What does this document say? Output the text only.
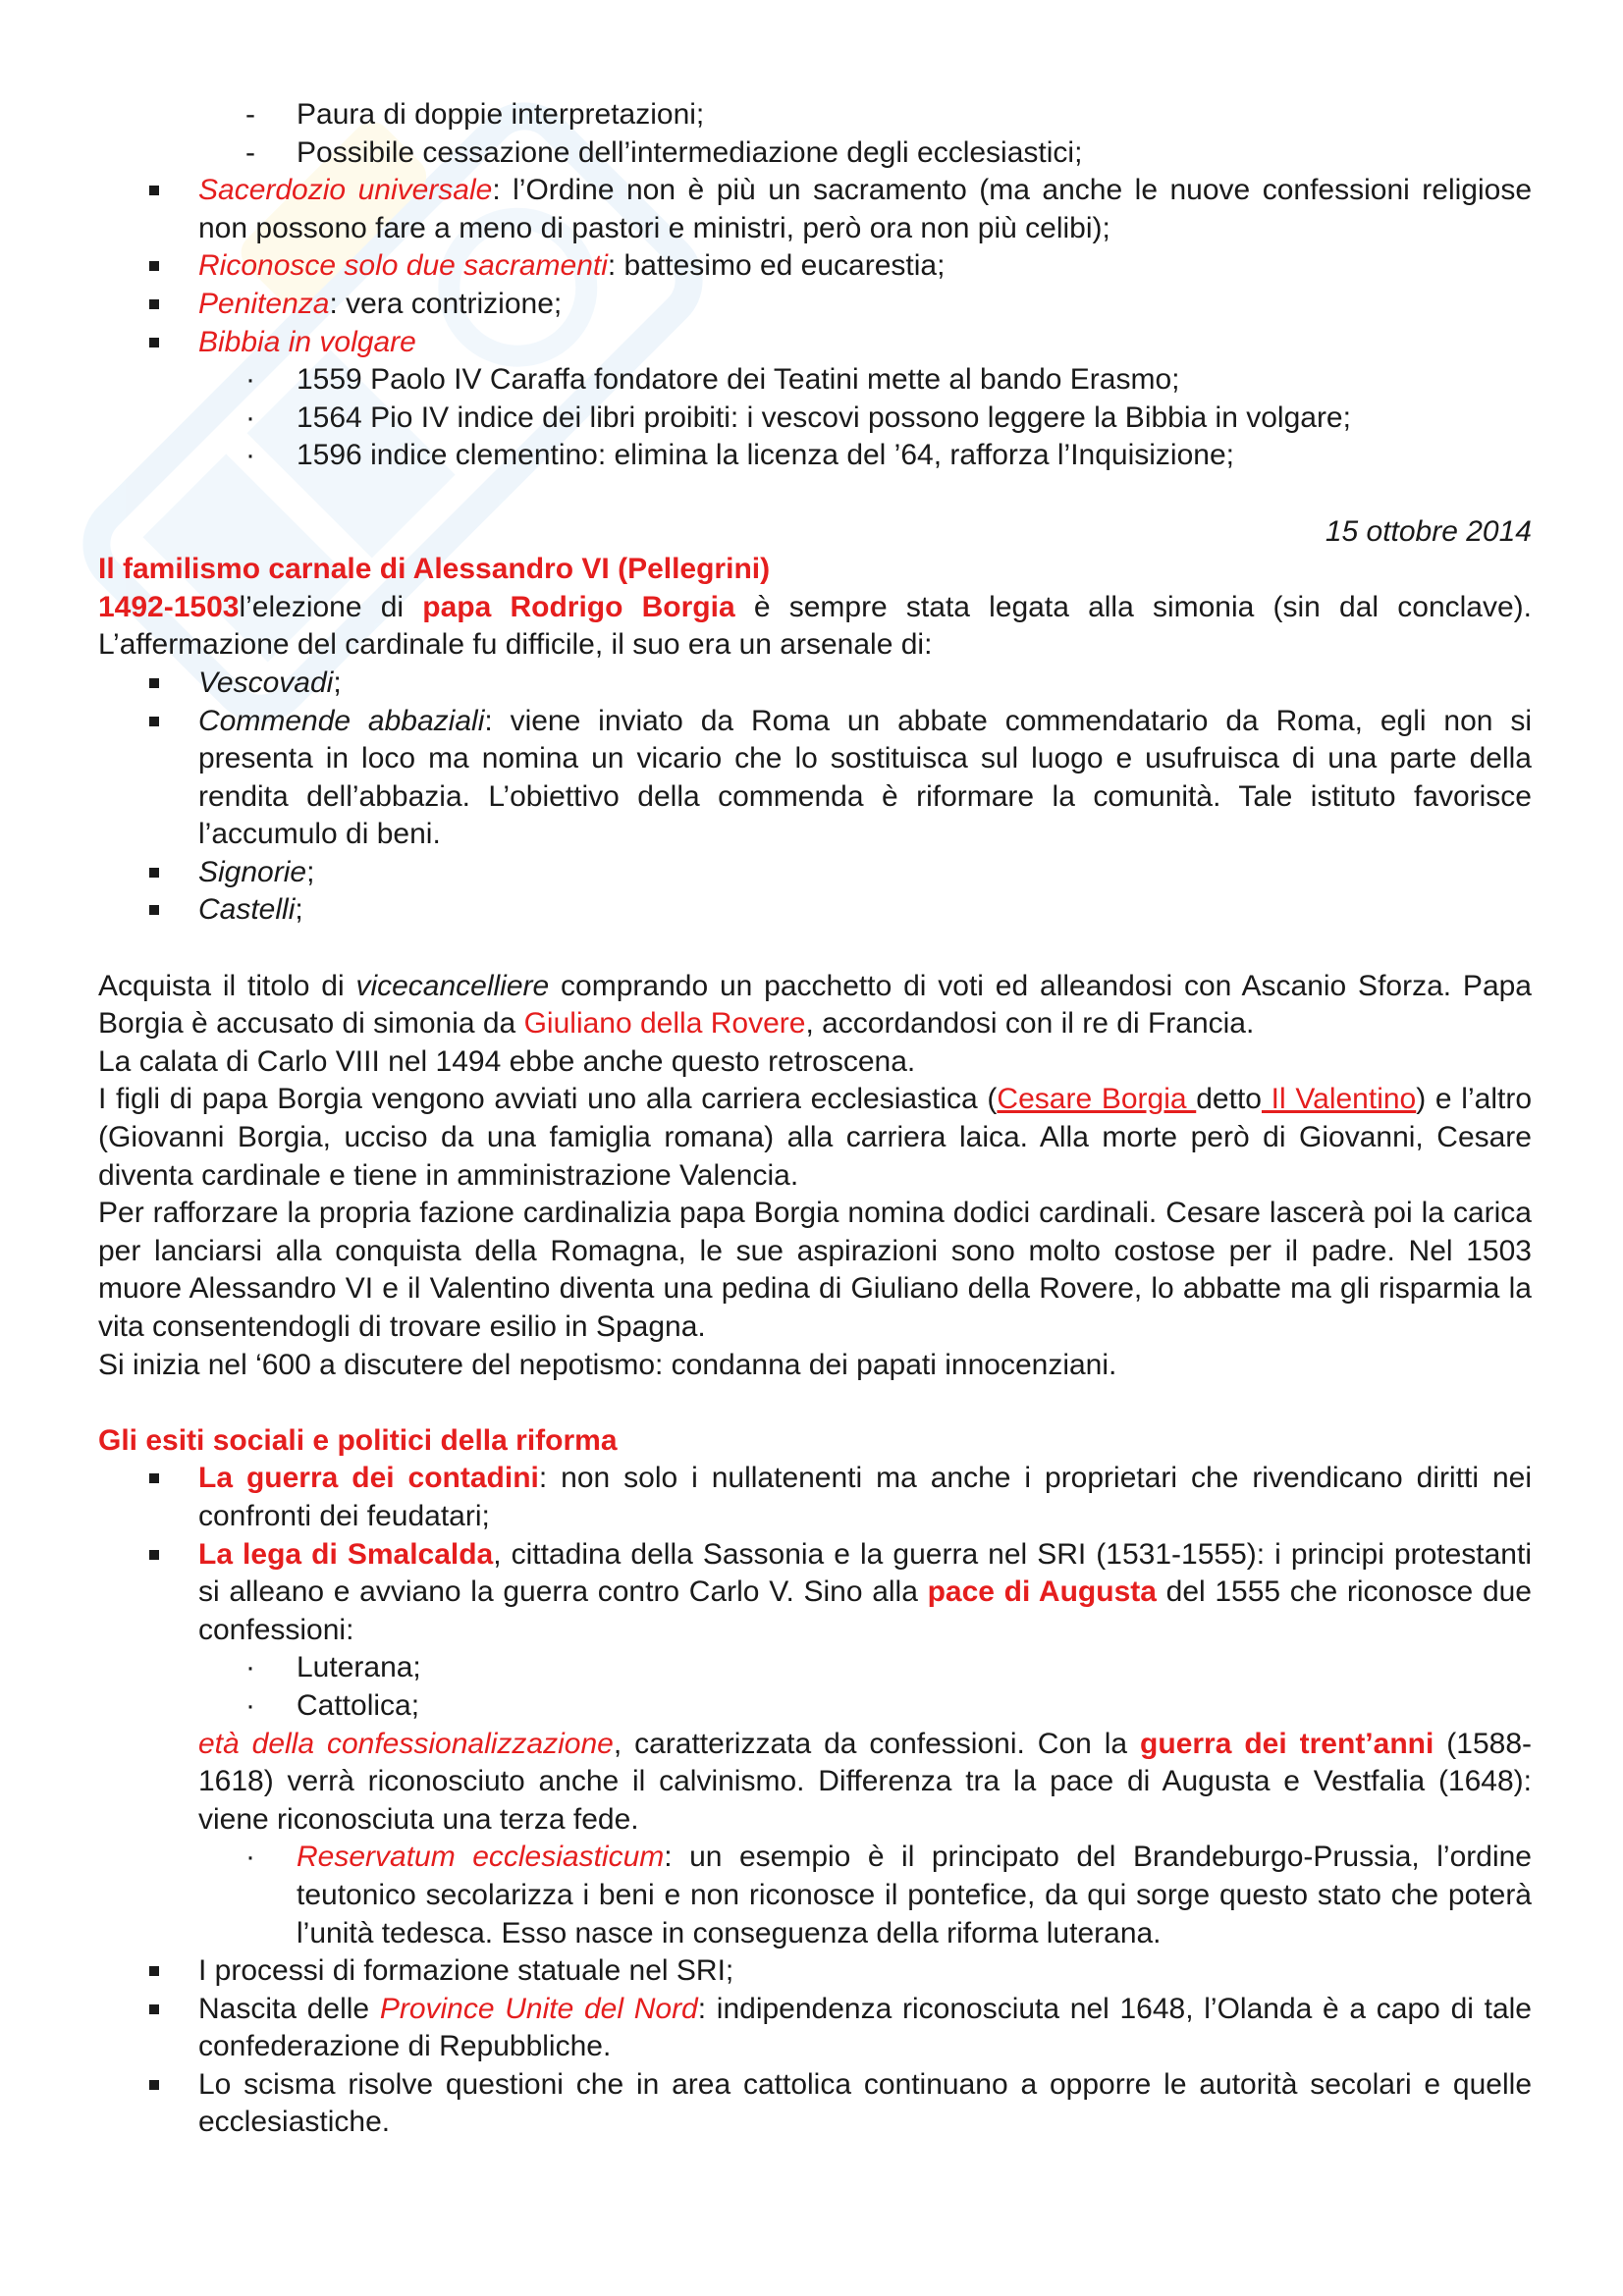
- Paura di doppie interpretazioni;
- Possibile cessazione dell’intermediazione degli ecclesiastici;
Sacerdozio universale: l’Ordine non è più un sacramento (ma anche le nuove confessioni religiose non possono fare a meno di pastori e ministri, però ora non più celibi);
Riconosce solo due sacramenti: battesimo ed eucarestia;
Penitenza: vera contrizione;
Bibbia in volgare
· 1559 Paolo IV Caraffa fondatore dei Teatini mette al bando Erasmo;
· 1564 Pio IV indice dei libri proibiti: i vescovi possono leggere la Bibbia in volgare;
· 1596 indice clementino: elimina la licenza del ’64, rafforza l’Inquisizione;

15 ottobre 2014

Il familismo carnale di Alessandro VI (Pellegrini)

1492-1503l’elezione di papa Rodrigo Borgia è sempre stata legata alla simonia (sin dal conclave). L’affermazione del cardinale fu difficile, il suo era un arsenale di:

Vescovadi;
Commende abbaziali: viene inviato da Roma un abbate commendatario da Roma, egli non si presenta in loco ma nomina un vicario che lo sostituisca sul luogo e usufruisca di una parte della rendita dell’abbazia. L’obiettivo della commenda è riformare la comunità. Tale istituto favorisce l’accumulo di beni.
Signorie;
Castelli;

Acquista il titolo di vicecancelliere comprando un pacchetto di voti ed alleandosi con Ascanio Sforza. Papa Borgia è accusato di simonia da Giuliano della Rovere, accordandosi con il re di Francia.

La calata di Carlo VIII nel 1494 ebbe anche questo retroscena.

I figli di papa Borgia vengono avviati uno alla carriera ecclesiastica (Cesare Borgia detto Il Valentino) e l’altro (Giovanni Borgia, ucciso da una famiglia romana) alla carriera laica. Alla morte però di Giovanni, Cesare diventa cardinale e tiene in amministrazione Valencia.

Per rafforzare la propria fazione cardinalizia papa Borgia nomina dodici cardinali. Cesare lascerà poi la carica per lanciarsi alla conquista della Romagna, le sue aspirazioni sono molto costose per il padre. Nel 1503 muore Alessandro VI e il Valentino diventa una pedina di Giuliano della Rovere, lo abbatte ma gli risparmia la vita consentendogli di trovare esilio in Spagna.

Si inizia nel ‘600 a discutere del nepotismo: condanna dei papati innocenziani.

Gli esiti sociali e politici della riforma

La guerra dei contadini: non solo i nullatenenti ma anche i proprietari che rivendicano diritti nei confronti dei feudatari;
La lega di Smalcalda, cittadina della Sassonia e la guerra nel SRI (1531-1555): i principi protestanti si alleano e avviano la guerra contro Carlo V. Sino alla pace di Augusta del 1555 che riconosce due confessioni:
· Luterana;
· Cattolica;

età della confessionalizzazione, caratterizzata da confessioni. Con la guerra dei trent’anni (1588-1618) verrà riconosciuto anche il calvinismo. Differenza tra la pace di Augusta e Vestfalia (1648): viene riconosciuta una terza fede.

· Reservatum ecclesiasticum: un esempio è il principato del Brandeburgo-Prussia, l’ordine teutonico secolarizza i beni e non riconosce il pontefice, da qui sorge questo stato che poterà l’unità tedesca. Esso nasce in conseguenza della riforma luterana.
I processi di formazione statuale nel SRI;
Nascita delle Province Unite del Nord: indipendenza riconosciuta nel 1648, l’Olanda è a capo di tale confederazione di Repubbliche.
Lo scisma risolve questioni che in area cattolica continuano a opporre le autorità secolari e quelle ecclesiastiche.
